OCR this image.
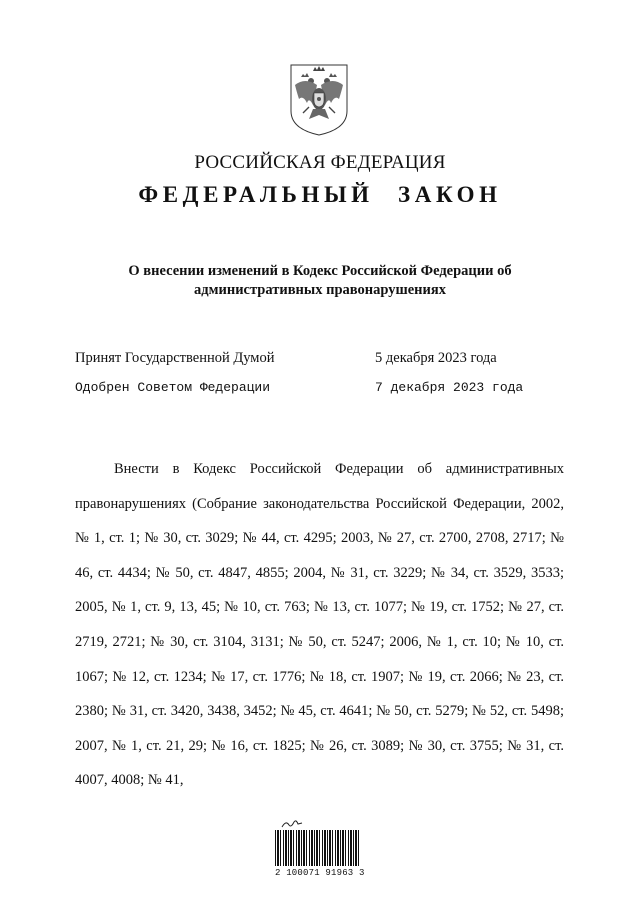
РОССИЙСКАЯ ФЕДЕРАЦИЯ
ФЕДЕРАЛЬНЫЙ ЗАКОН
О внесении изменений в Кодекс Российской Федерации об административных правонарушениях
Принят Государственной Думой	5 декабря 2023 года
Одобрен Советом Федерации	7 декабря 2023 года
Внести в Кодекс Российской Федерации об административных правонарушениях (Собрание законодательства Российской Федерации, 2002, № 1, ст. 1; № 30, ст. 3029; № 44, ст. 4295; 2003, № 27, ст. 2700, 2708, 2717; № 46, ст. 4434; № 50, ст. 4847, 4855; 2004, № 31, ст. 3229; № 34, ст. 3529, 3533; 2005, № 1, ст. 9, 13, 45; № 10, ст. 763; № 13, ст. 1077; № 19, ст. 1752; № 27, ст. 2719, 2721; № 30, ст. 3104, 3131; № 50, ст. 5247; 2006, № 1, ст. 10; № 10, ст. 1067; № 12, ст. 1234; № 17, ст. 1776; № 18, ст. 1907; № 19, ст. 2066; № 23, ст. 2380; № 31, ст. 3420, 3438, 3452; № 45, ст. 4641; № 50, ст. 5279; № 52, ст. 5498; 2007, № 1, ст. 21, 29; № 16, ст. 1825; № 26, ст. 3089; № 30, ст. 3755; № 31, ст. 4007, 4008; № 41,
2 100071 91963 3
